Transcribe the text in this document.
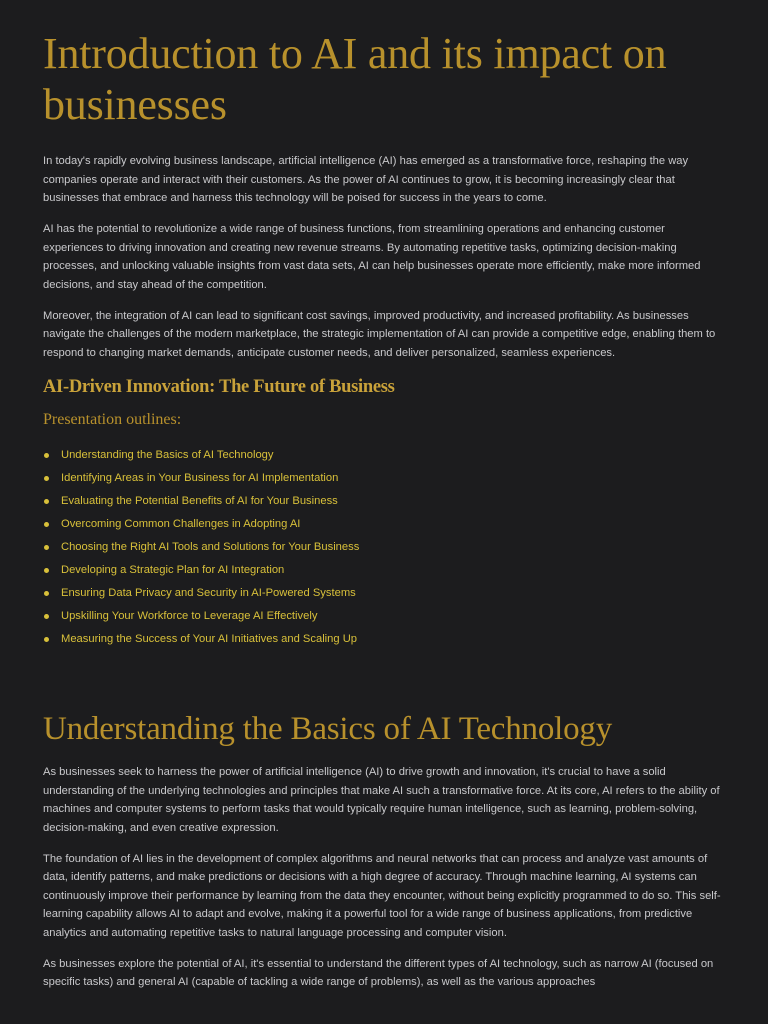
Introduction to AI and its impact on businesses

In today's rapidly evolving business landscape, artificial intelligence (AI) has emerged as a transformative force, reshaping the way companies operate and interact with their customers. As the power of AI continues to grow, it is becoming increasingly clear that businesses that embrace and harness this technology will be poised for success in the years to come.

AI has the potential to revolutionize a wide range of business functions, from streamlining operations and enhancing customer experiences to driving innovation and creating new revenue streams. By automating repetitive tasks, optimizing decision-making processes, and unlocking valuable insights from vast data sets, AI can help businesses operate more efficiently, make more informed decisions, and stay ahead of the competition.

Moreover, the integration of AI can lead to significant cost savings, improved productivity, and increased profitability. As businesses navigate the challenges of the modern marketplace, the strategic implementation of AI can provide a competitive edge, enabling them to respond to changing market demands, anticipate customer needs, and deliver personalized, seamless experiences.

AI-Driven Innovation: The Future of Business
Presentation outlines:
Understanding the Basics of AI Technology
Identifying Areas in Your Business for AI Implementation
Evaluating the Potential Benefits of AI for Your Business
Overcoming Common Challenges in Adopting AI
Choosing the Right AI Tools and Solutions for Your Business
Developing a Strategic Plan for AI Integration
Ensuring Data Privacy and Security in AI-Powered Systems
Upskilling Your Workforce to Leverage AI Effectively
Measuring the Success of Your AI Initiatives and Scaling Up
Understanding the Basics of AI Technology

As businesses seek to harness the power of artificial intelligence (AI) to drive growth and innovation, it's crucial to have a solid understanding of the underlying technologies and principles that make AI such a transformative force. At its core, AI refers to the ability of machines and computer systems to perform tasks that would typically require human intelligence, such as learning, problem-solving, decision-making, and even creative expression.

The foundation of AI lies in the development of complex algorithms and neural networks that can process and analyze vast amounts of data, identify patterns, and make predictions or decisions with a high degree of accuracy. Through machine learning, AI systems can continuously improve their performance by learning from the data they encounter, without being explicitly programmed to do so. This self-learning capability allows AI to adapt and evolve, making it a powerful tool for a wide range of business applications, from predictive analytics and automating repetitive tasks to natural language processing and computer vision.

As businesses explore the potential of AI, it's essential to understand the different types of AI technology, such as narrow AI (focused on specific tasks) and general AI (capable of tackling a wide range of problems), as well as the various approaches
